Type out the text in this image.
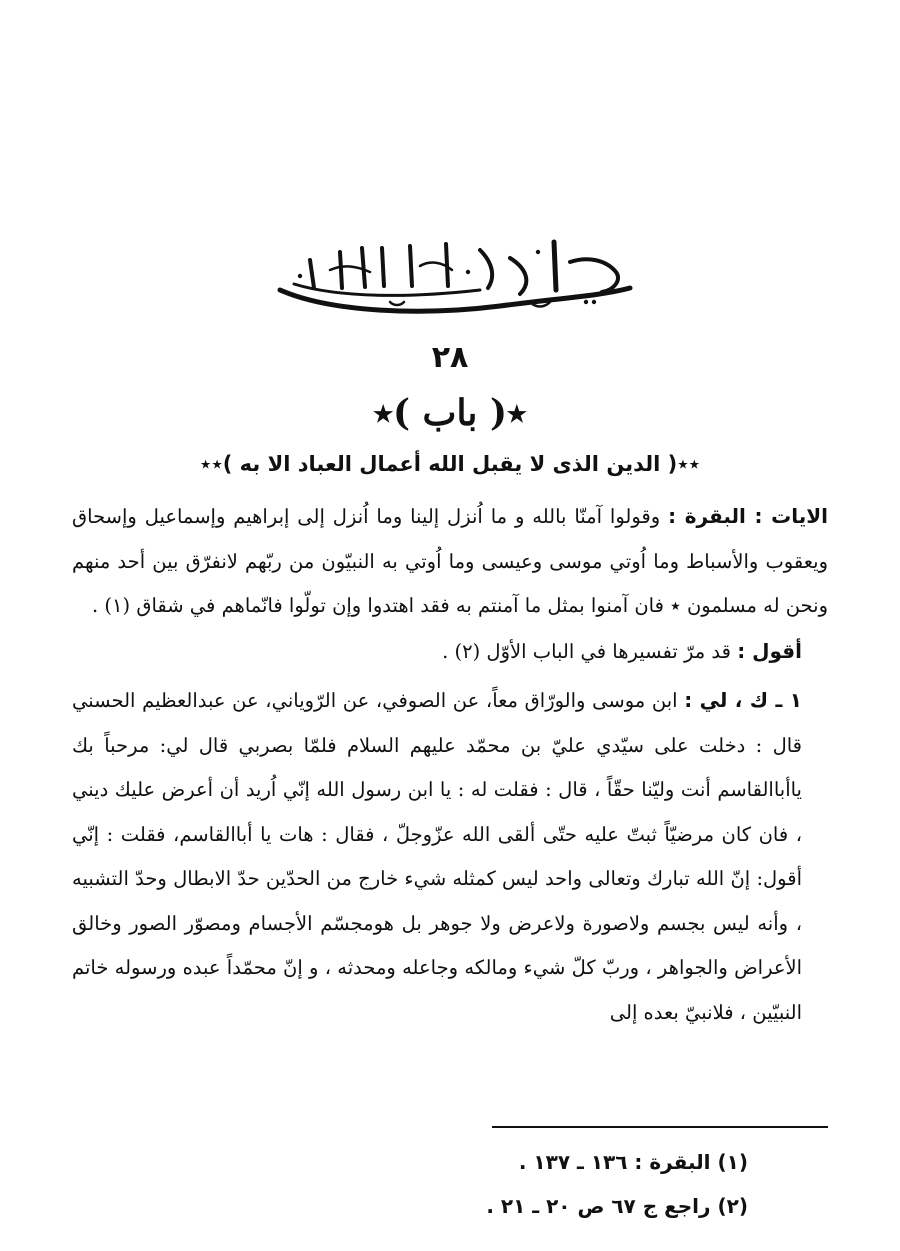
٢٨
٭( باب )٭
٭٭( الدين الذى لا يقبل الله أعمال العباد الا به )٭٭

الايات : البقرة : وقولوا آمنّا بالله و ما اُنزل إلينا وما اُنزل إلى إبراهيم وإسماعيل وإسحاق ويعقوب والأسباط وما اُوتي موسى وعيسى وما اُوتي به النبيّون من ربّهم لانفرّق بين أحد منهم ونحن له مسلمون ٭ فان آمنوا بمثل ما آمنتم به فقد اهتدوا وإن تولّوا فانّماهم في شقاق (١) .

أقول : قد مرّ تفسيرها في الباب الأوّل (٢) .

١ ـ ك ، لي : ابن موسى والورّاق معاً، عن الصوفي، عن الرّوياني، عن عبدالعظيم الحسني قال : دخلت على سيّدي عليّ بن محمّد عليهم السلام فلمّا بصربي قال لي: مرحباً بك ياأباالقاسم أنت وليّنا حقّاً ، قال : فقلت له : يا ابن رسول الله إنّي اُريد أن أعرض عليك ديني ، فان كان مرضيّاً ثبتّ عليه حتّى ألقى الله عزّوجلّ ، فقال : هات يا أباالقاسم، فقلت : إنّي أقول: إنّ الله تبارك وتعالى واحد ليس كمثله شيء خارج من الحدّين حدّ الابطال وحدّ التشبيه ، وأنه ليس بجسم ولاصورة ولاعرض ولا جوهر بل هومجسّم الأجسام ومصوّر الصور وخالق الأعراض والجواهر ، وربّ كلّ شيء ومالكه وجاعله ومحدثه ، و إنّ محمّداً عبده ورسوله خاتم النبيّين ، فلانبيّ بعده إلى

(١) البقرة : ١٣٦ ـ ١٣٧ .

(٢) راجع ج ٦٧ ص ٢٠ ـ ٢١ .
